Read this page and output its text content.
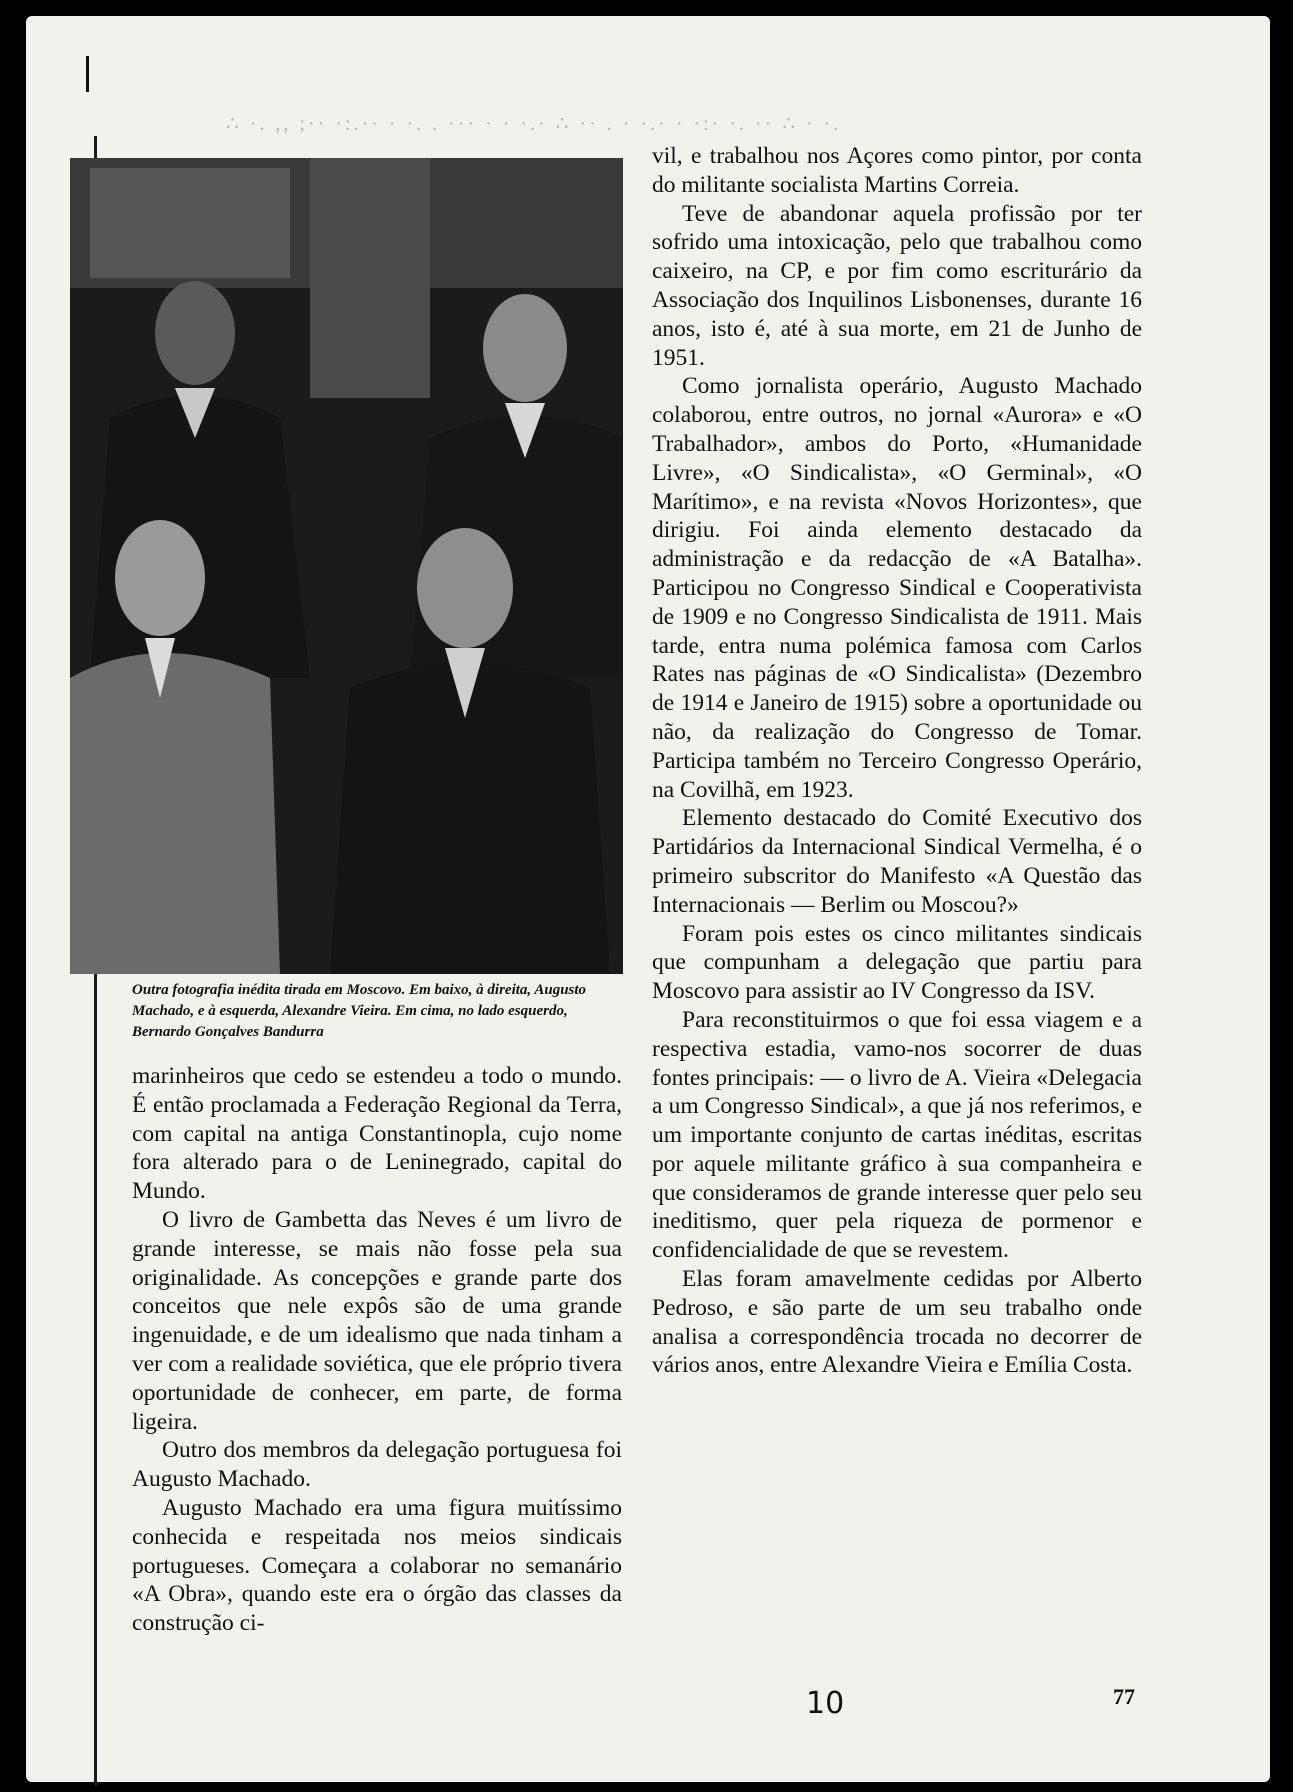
∴ ·. ,, ;·· ·:.·· · ·. . ··· · · ·.· ∴ ·· . · ·.· · ·:· ·. ·· ∴ · ·.
Outra fotografia inédita tirada em Moscovo. Em baixo, à direita, Augusto Machado, e à esquerda, Alexandre Vieira. Em cima, no lado esquerdo, Bernardo Gonçalves Bandurra

marinheiros que cedo se estendeu a todo o mundo. É então proclamada a Federação Regional da Terra, com capital na antiga Constantinopla, cujo nome fora alterado para o de Leninegrado, capital do Mundo.

O livro de Gambetta das Neves é um livro de grande interesse, se mais não fosse pela sua originalidade. As concepções e grande parte dos conceitos que nele expôs são de uma grande ingenuidade, e de um idealismo que nada tinham a ver com a realidade soviética, que ele próprio tivera oportunidade de conhecer, em parte, de forma ligeira.

Outro dos membros da delegação portuguesa foi Augusto Machado.

Augusto Machado era uma figura muitíssimo conhecida e respeitada nos meios sindicais portugueses. Começara a colaborar no semanário «A Obra», quando este era o órgão das classes da construção ci-

vil, e trabalhou nos Açores como pintor, por conta do militante socialista Martins Correia.

Teve de abandonar aquela profissão por ter sofrido uma intoxicação, pelo que trabalhou como caixeiro, na CP, e por fim como escriturário da Associação dos Inquilinos Lisbonenses, durante 16 anos, isto é, até à sua morte, em 21 de Junho de 1951.

Como jornalista operário, Augusto Machado colaborou, entre outros, no jornal «Aurora» e «O Trabalhador», ambos do Porto, «Humanidade Livre», «O Sindicalista», «O Germinal», «O Marítimo», e na revista «Novos Horizontes», que dirigiu. Foi ainda elemento destacado da administração e da redacção de «A Batalha». Participou no Congresso Sindical e Cooperativista de 1909 e no Congresso Sindicalista de 1911. Mais tarde, entra numa polémica famosa com Carlos Rates nas páginas de «O Sindicalista» (Dezembro de 1914 e Janeiro de 1915) sobre a oportunidade ou não, da realização do Congresso de Tomar. Participa também no Terceiro Congresso Operário, na Covilhã, em 1923.

Elemento destacado do Comité Executivo dos Partidários da Internacional Sindical Vermelha, é o primeiro subscritor do Manifesto «A Questão das Internacionais — Berlim ou Moscou?»

Foram pois estes os cinco militantes sindicais que compunham a delegação que partiu para Moscovo para assistir ao IV Congresso da ISV.

Para reconstituirmos o que foi essa viagem e a respectiva estadia, vamo-nos socorrer de duas fontes principais: — o livro de A. Vieira «Delegacia a um Congresso Sindical», a que já nos referimos, e um importante conjunto de cartas inéditas, escritas por aquele militante gráfico à sua companheira e que consideramos de grande interesse quer pelo seu ineditismo, quer pela riqueza de pormenor e confidencialidade de que se revestem.

Elas foram amavelmente cedidas por Alberto Pedroso, e são parte de um seu trabalho onde analisa a correspondência trocada no decorrer de vários anos, entre Alexandre Vieira e Emília Costa.

10	77
